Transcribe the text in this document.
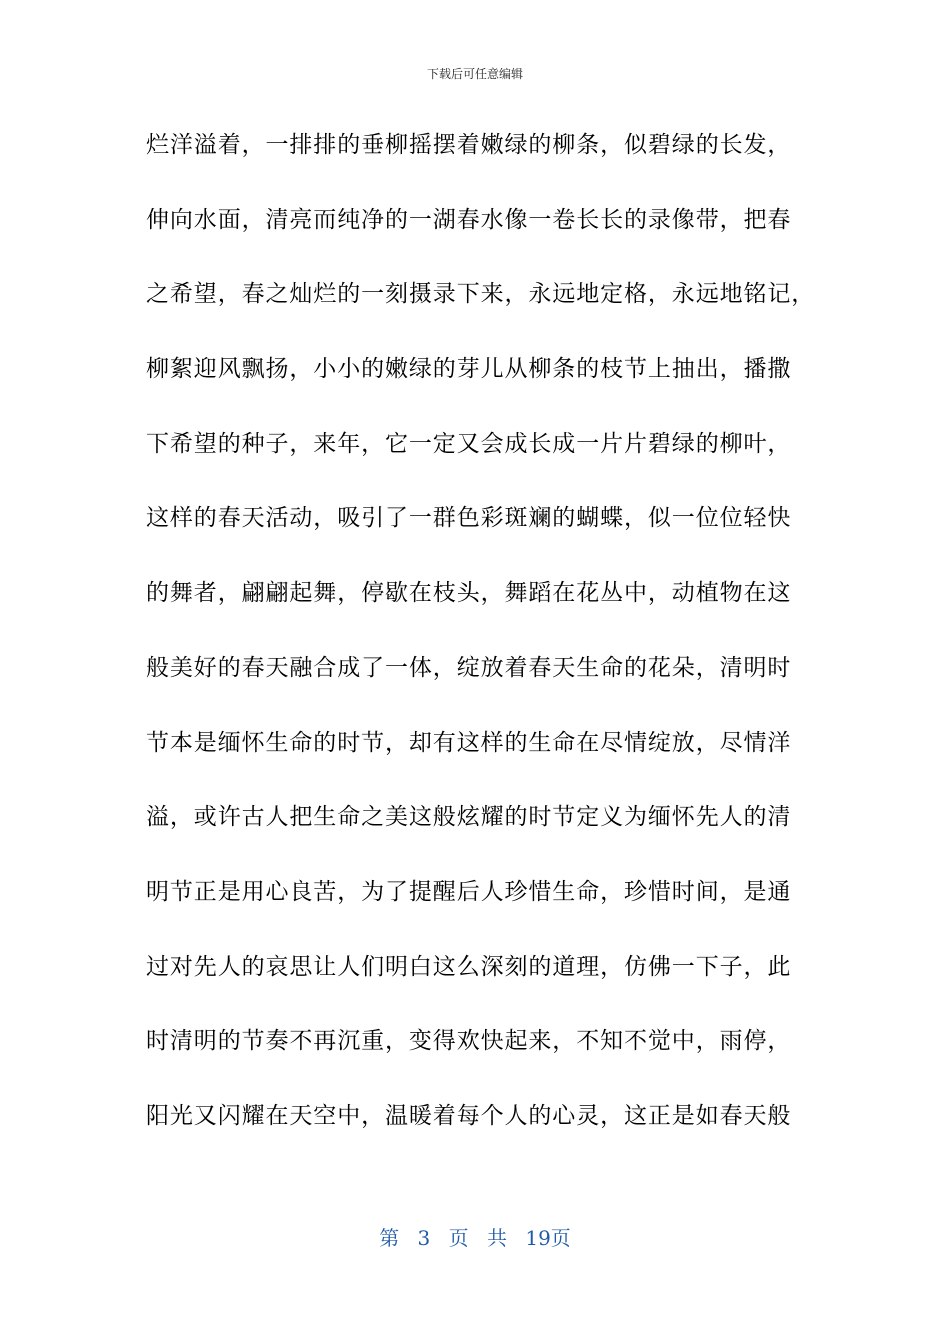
下载后可任意编辑
烂洋溢着，一排排的垂柳摇摆着嫩绿的柳条，似碧绿的长发，
伸向水面，清亮而纯净的一湖春水像一卷长长的录像带，把春
之希望，春之灿烂的一刻摄录下来，永远地定格，永远地铭记，
柳絮迎风飘扬，小小的嫩绿的芽儿从柳条的枝节上抽出，播撒
下希望的种子，来年，它一定又会成长成一片片碧绿的柳叶，
这样的春天活动，吸引了一群色彩斑斓的蝴蝶，似一位位轻快
的舞者，翩翩起舞，停歇在枝头，舞蹈在花丛中，动植物在这
般美好的春天融合成了一体，绽放着春天生命的花朵，清明时
节本是缅怀生命的时节，却有这样的生命在尽情绽放，尽情洋
溢，或许古人把生命之美这般炫耀的时节定义为缅怀先人的清
明节正是用心良苦，为了提醒后人珍惜生命，珍惜时间，是通
过对先人的哀思让人们明白这么深刻的道理，仿佛一下子，此
时清明的节奏不再沉重，变得欢快起来，不知不觉中，雨停，
阳光又闪耀在天空中，温暖着每个人的心灵，这正是如春天般
第 3 页 共 19页
